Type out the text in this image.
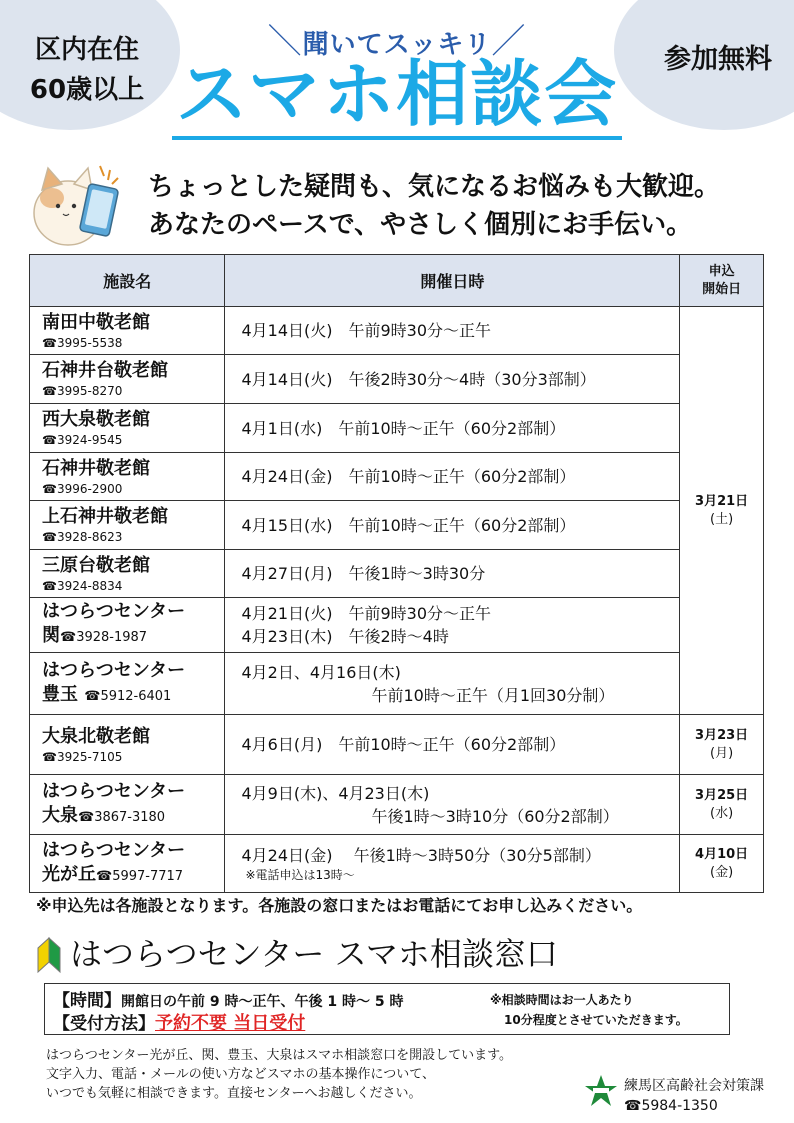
区内在住
60歳以上
参加無料
＼聞いてスッキリ／
スマホ相談会
ちょっとした疑問も、気になるお悩みも大歓迎。
あなたのペースで、やさしく個別にお手伝い。
施設名	開催日時	申込
開始日

南田中敬老館
☎3995-5538	4月14日(火)　午前9時30分～正午	3月21日
(土)

石神井台敬老館
☎3995-8270	4月14日(火)　午後2時30分～4時（30分3部制）	

西大泉敬老館
☎3924-9545	4月1日(水)　午前10時～正午（60分2部制）	

石神井敬老館
☎3996-2900	4月24日(金)　午前10時～正午（60分2部制）	

上石神井敬老館
☎3928-8623	4月15日(水)　午前10時～正午（60分2部制）	

三原台敬老館
☎3924-8834	4月27日(月)　午後1時～3時30分	

はつらつセンター
関☎3928-1987	4月21日(火)　午前9時30分～正午
4月23日(木)　午後2時～4時	

はつらつセンター
豊玉 ☎5912-6401	4月2日、4月16日(木)
午前10時～正午（月1回30分制）	

大泉北敬老館
☎3925-7105	4月6日(月)　午前10時～正午（60分2部制）	3月23日
(月)

はつらつセンター
大泉☎3867-3180	4月9日(木)、4月23日(木)
午後1時～3時10分（60分2部制）	3月25日
(水)

はつらつセンター
光が丘☎5997-7717	4月24日(金)　 午後1時～3時50分（30分5部制）
※電話申込は13時～	4月10日
(金)
※申込先は各施設となります。各施設の窓口またはお電話にてお申し込みください。
はつらつセンター スマホ相談窓口
【時間】開館日の午前 9 時～正午、午後 1 時～ 5 時
【受付方法】予約不要 当日受付
※相談時間はお一人あたり
10分程度とさせていただきます。
はつらつセンター光が丘、関、豊玉、大泉はスマホ相談窓口を開設しています。
文字入力、電話・メールの使い方などスマホの基本操作について、
いつでも気軽に相談できます。直接センターへお越しください。	練馬区高齢社会対策課
☎5984-1350
